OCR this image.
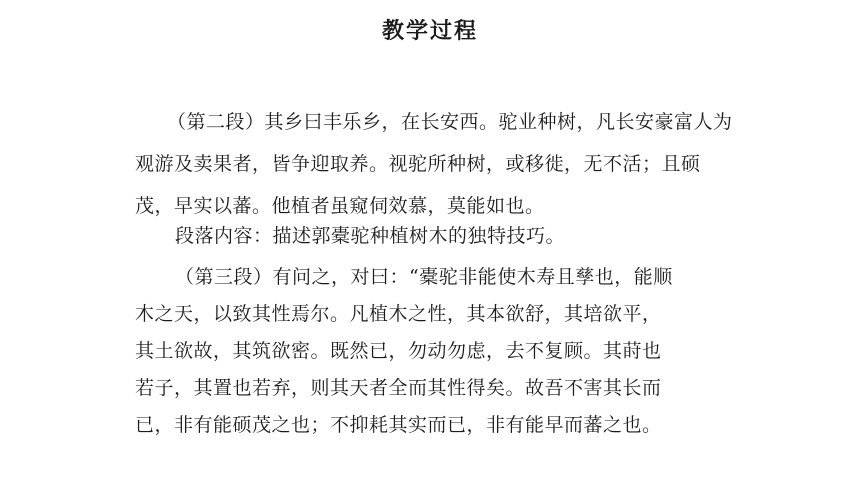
教学过程
（第二段）其乡曰丰乐乡，在长安西。驼业种树，凡长安豪富人为
观游及卖果者，皆争迎取养。视驼所种树，或移徙，无不活；且硕
茂，早实以蕃。他植者虽窥伺效慕，莫能如也。
段落内容：描述郭橐驼种植树木的独特技巧。
（第三段）有问之，对曰：“橐驼非能使木寿且孳也，能顺
木之天，以致其性焉尔。凡植木之性，其本欲舒，其培欲平，
其土欲故，其筑欲密。既然已，勿动勿虑，去不复顾。其莳也
若子，其置也若弃，则其天者全而其性得矣。故吾不害其长而
已，非有能硕茂之也；不抑耗其实而已，非有能早而蕃之也。
